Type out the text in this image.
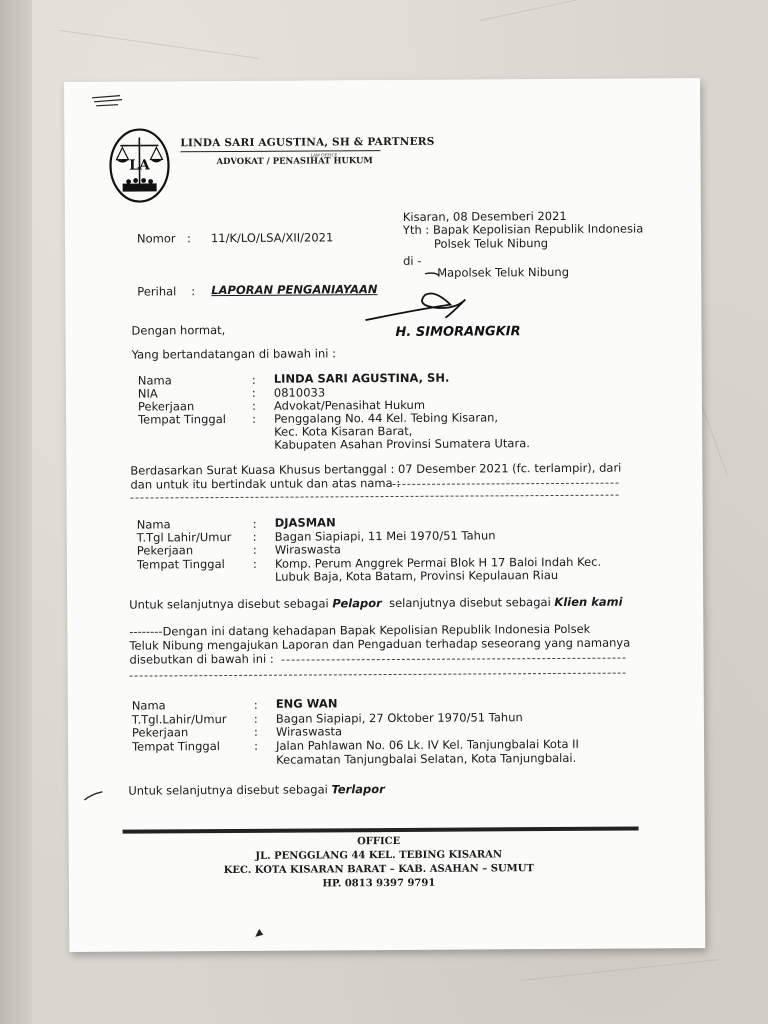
LA
LINDA SARI AGUSTINA, SH & PARTNERS
LAW OFFICE
ADVOKAT / PENASIHAT HUKUM
Kisaran, 08 Desemberi 2021
Yth : Bapak Kepolisian Republik Indonesia
Polsek Teluk Nibung
Nomor : 11/K/LO/LSA/XII/2021
di -
Mapolsek Teluk Nibung
Perihal : LAPORAN PENGANIAYAAN
H. SIMORANGKIR
Dengan hormat,
Yang bertandatangan di bawah ini :
Nama	: LINDA SARI AGUSTINA, SH.
NIA	: 0810033
Pekerjaan	: Advokat/Penasihat Hukum
Tempat Tinggal : Penggalang No. 44 Kel. Tebing Kisaran,
Kec. Kota Kisaran Barat,
Kabupaten Asahan Provinsi Sumatera Utara.
Berdasarkan Surat Kuasa Khusus bertanggal : 07 Desember 2021 (fc. terlampir), dari
dan untuk itu bertindak untuk dan atas nama :
Nama	: DJASMAN
T.Tgl Lahir/Umur : Bagan Siapiapi, 11 Mei 1970/51 Tahun
Pekerjaan	: Wiraswasta
Tempat Tinggal : Komp. Perum Anggrek Permai Blok H 17 Baloi Indah Kec.
Lubuk Baja, Kota Batam, Provinsi Kepulauan Riau
Untuk selanjutnya disebut sebagai Pelapor selanjutnya disebut sebagai Klien kami
--------Dengan ini datang kehadapan Bapak Kepolisian Republik Indonesia Polsek
Teluk Nibung mengajukan Laporan dan Pengaduan terhadap seseorang yang namanya
disebutkan di bawah ini :
Nama	: ENG WAN
T.Tgl.Lahir/Umur : Bagan Siapiapi, 27 Oktober 1970/51 Tahun
Pekerjaan	: Wiraswasta
Tempat Tinggal	: Jalan Pahlawan No. 06 Lk. IV Kel. Tanjungbalai Kota II
Kecamatan Tanjungbalai Selatan, Kota Tanjungbalai.
Untuk selanjutnya disebut sebagai Terlapor
OFFICE
JL. PENGGLANG 44 KEL. TEBING KISARAN
KEC. KOTA KISARAN BARAT – KAB. ASAHAN – SUMUT
HP. 0813 9397 9791
